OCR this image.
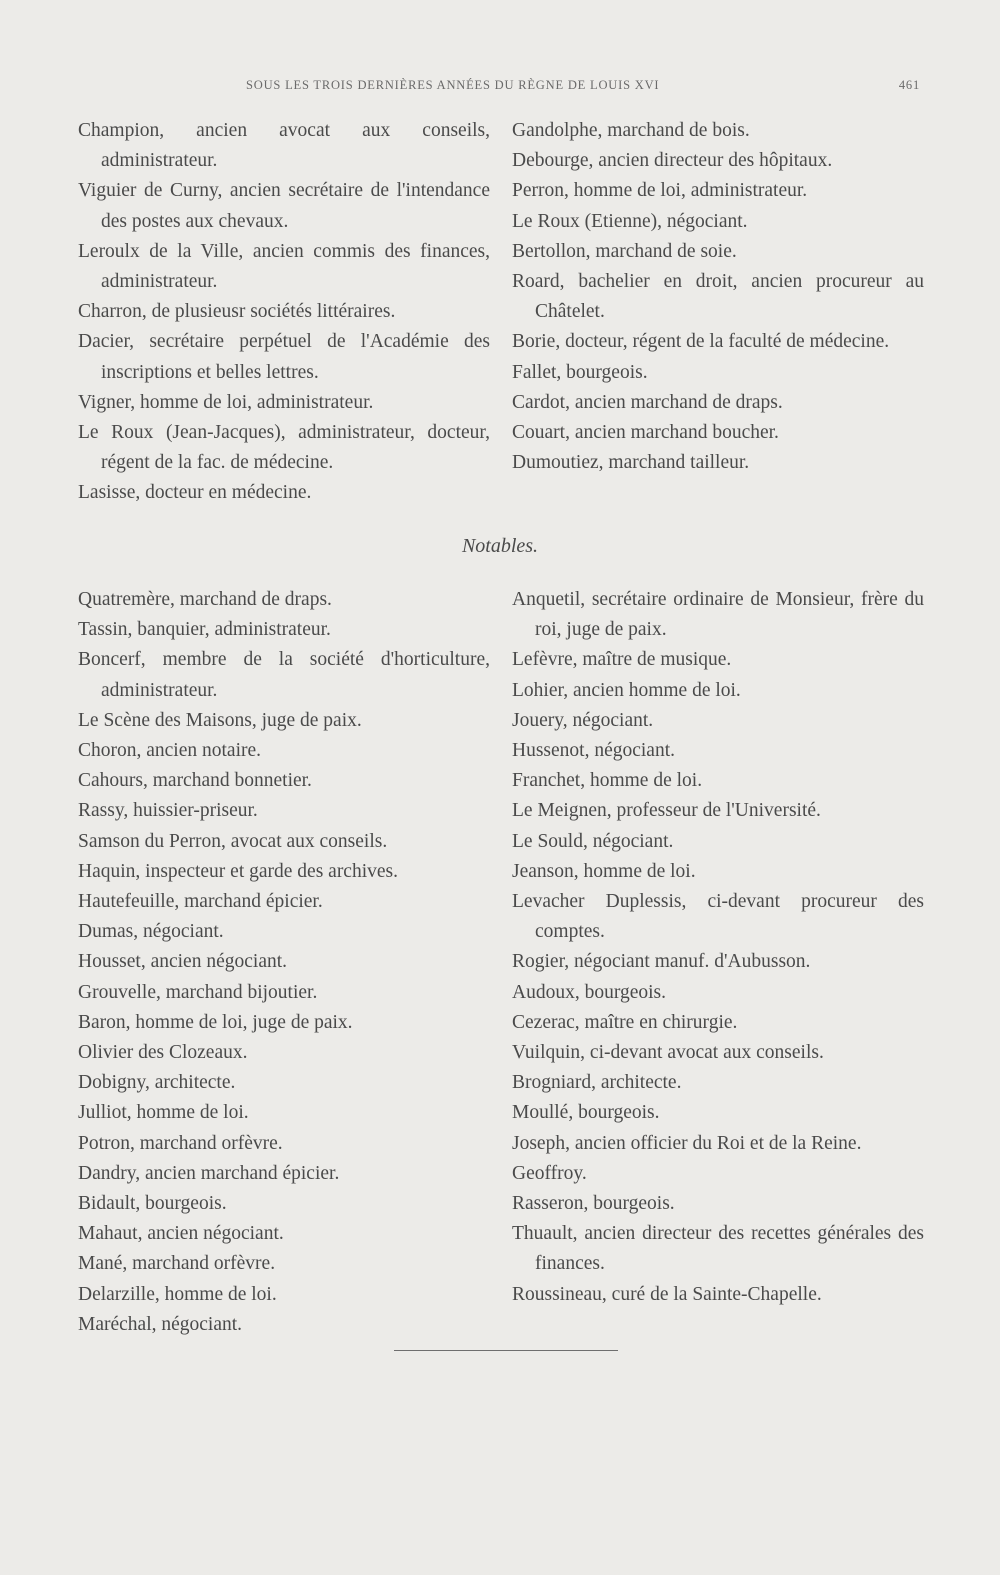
SOUS LES TROIS DERNIÈRES ANNÉES DU RÈGNE DE LOUIS XVI	461
Champion, ancien avocat aux conseils, administrateur.
Viguier de Curny, ancien secrétaire de l'intendance des postes aux chevaux.
Leroulx de la Ville, ancien commis des finances, administrateur.
Charron, de plusieusr sociétés littéraires.
Dacier, secrétaire perpétuel de l'Académie des inscriptions et belles lettres.
Vigner, homme de loi, administrateur.
Le Roux (Jean-Jacques), administrateur, docteur, régent de la fac. de médecine.
Lasisse, docteur en médecine.
Gandolphe, marchand de bois.
Debourge, ancien directeur des hôpitaux.
Perron, homme de loi, administrateur.
Le Roux (Etienne), négociant.
Bertollon, marchand de soie.
Roard, bachelier en droit, ancien procureur au Châtelet.
Borie, docteur, régent de la faculté de médecine.
Fallet, bourgeois.
Cardot, ancien marchand de draps.
Couart, ancien marchand boucher.
Dumoutiez, marchand tailleur.
Notables.
Quatremère, marchand de draps.
Tassin, banquier, administrateur.
Boncerf, membre de la société d'horticulture, administrateur.
Le Scène des Maisons, juge de paix.
Choron, ancien notaire.
Cahours, marchand bonnetier.
Rassy, huissier-priseur.
Samson du Perron, avocat aux conseils.
Haquin, inspecteur et garde des archives.
Hautefeuille, marchand épicier.
Dumas, négociant.
Housset, ancien négociant.
Grouvelle, marchand bijoutier.
Baron, homme de loi, juge de paix.
Olivier des Clozeaux.
Dobigny, architecte.
Julliot, homme de loi.
Potron, marchand orfèvre.
Dandry, ancien marchand épicier.
Bidault, bourgeois.
Mahaut, ancien négociant.
Mané, marchand orfèvre.
Delarzille, homme de loi.
Maréchal, négociant.
Anquetil, secrétaire ordinaire de Monsieur, frère du roi, juge de paix.
Lefèvre, maître de musique.
Lohier, ancien homme de loi.
Jouery, négociant.
Hussenot, négociant.
Franchet, homme de loi.
Le Meignen, professeur de l'Université.
Le Sould, négociant.
Jeanson, homme de loi.
Levacher Duplessis, ci-devant procureur des comptes.
Rogier, négociant manuf. d'Aubusson.
Audoux, bourgeois.
Cezerac, maître en chirurgie.
Vuilquin, ci-devant avocat aux conseils.
Brogniard, architecte.
Moullé, bourgeois.
Joseph, ancien officier du Roi et de la Reine.
Geoffroy.
Rasseron, bourgeois.
Thuault, ancien directeur des recettes générales des finances.
Roussineau, curé de la Sainte-Chapelle.
